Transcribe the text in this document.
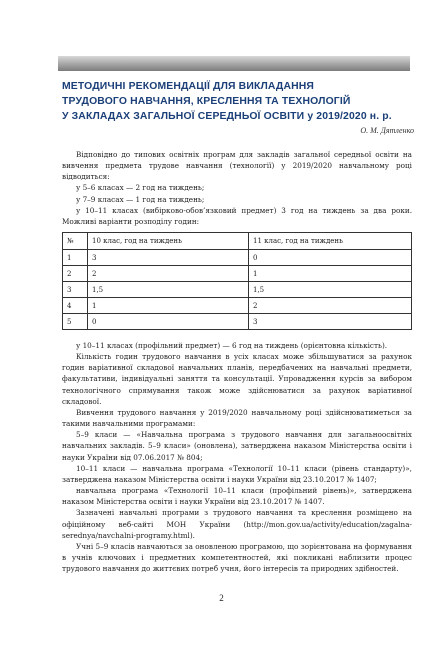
МЕТОДИЧНІ РЕКОМЕНДАЦІЇ ДЛЯ ВИКЛАДАННЯ
ТРУДОВОГО НАВЧАННЯ, КРЕСЛЕННЯ ТА ТЕХНОЛОГІЙ
У ЗАКЛАДАХ ЗАГАЛЬНОЇ СЕРЕДНЬОЇ ОСВІТИ у 2019/2020 н. р.

О. М. Дятленко

Відповідно до типових освітніх програм для закладів загальної середньої освіти на вивчення предмета трудове навчання (технології) у 2019/2020 навчальному році відводиться:

у 5–6 класах — 2 год на тиждень;

у 7–9 класах — 1 год на тиждень;

у 10–11 класах (вибірково-обов’язковий предмет) 3 год на тиждень за два роки. Можливі варіанти розподілу годин:

№	10 клас, год на тиждень	11 клас, год на тиждень
1	3	0
2	2	1
3	1,5	1,5
4	1	2
5	0	3

у 10–11 класах (профільний предмет) — 6 год на тиждень (орієнтовна кількість).

Кількість годин трудового навчання в усіх класах може збільшуватися за рахунок годин варіативної складової навчальних планів, передбачених на навчальні предмети, факультативи, індивідуальні заняття та консультації. Упровадження курсів за вибором технологічного спрямування також може здійснюватися за рахунок варіативної складової.

Вивчення трудового навчання у 2019/2020 навчальному році здійснюватиметься за такими навчальними програмами:

5–9 класи — «Навчальна програма з трудового навчання для загальноосвітніх навчальних закладів. 5–9 класи» (оновлена), затверджена наказом Міністерства освіти і науки України від 07.06.2017 № 804;

10–11 класи — навчальна програма «Технології 10–11 класи (рівень стандарту)», затверджена наказом Міністерства освіти і науки України від 23.10.2017 № 1407;

навчальна програма «Технології 10–11 класи (профільний рівень)», затверджена наказом Міністерства освіти і науки України від 23.10.2017 № 1407.

Зазначені навчальні програми з трудового навчання та креслення розміщено на офіційному веб-сайті МОН України (http://mon.gov.ua/activity/education/zagalna-serednya/navchalni-programy.html).

Учні 5–9 класів навчаються за оновленою програмою, що зорієнтована на формування в учнів ключових і предметних компетентностей, які покликані наблизити процес трудового навчання до життєвих потреб учня, його інтересів та природних здібностей.

2
